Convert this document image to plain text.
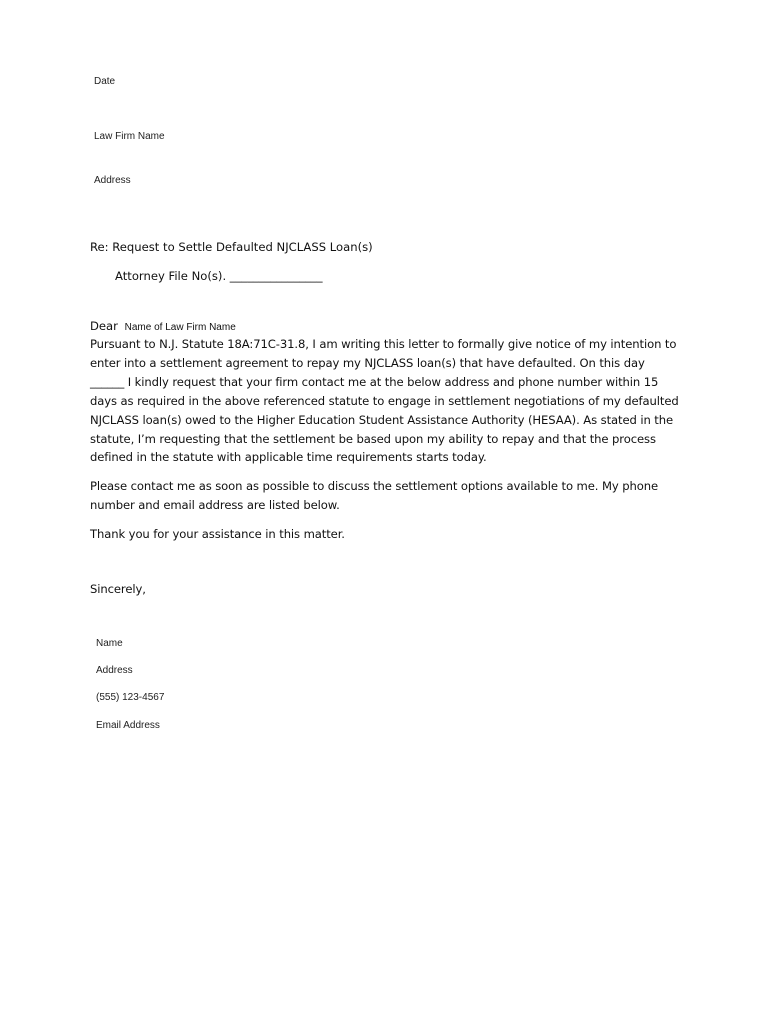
Date
Law Firm Name
Address
Re: Request to Settle Defaulted NJCLASS Loan(s)
Attorney File No(s). ________________
Dear Name of Law Firm Name
Pursuant to N.J. Statute 18A:71C-31.8, I am writing this letter to formally give notice of my intention to
enter into a settlement agreement to repay my NJCLASS loan(s) that have defaulted. On this day
______ I kindly request that your firm contact me at the below address and phone number within 15
days as required in the above referenced statute to engage in settlement negotiations of my defaulted
NJCLASS loan(s) owed to the Higher Education Student Assistance Authority (HESAA). As stated in the
statute, I’m requesting that the settlement be based upon my ability to repay and that the process
defined in the statute with applicable time requirements starts today.
Please contact me as soon as possible to discuss the settlement options available to me. My phone
number and email address are listed below.
Thank you for your assistance in this matter.
Sincerely,
Name
Address
(555) 123-4567
Email Address
